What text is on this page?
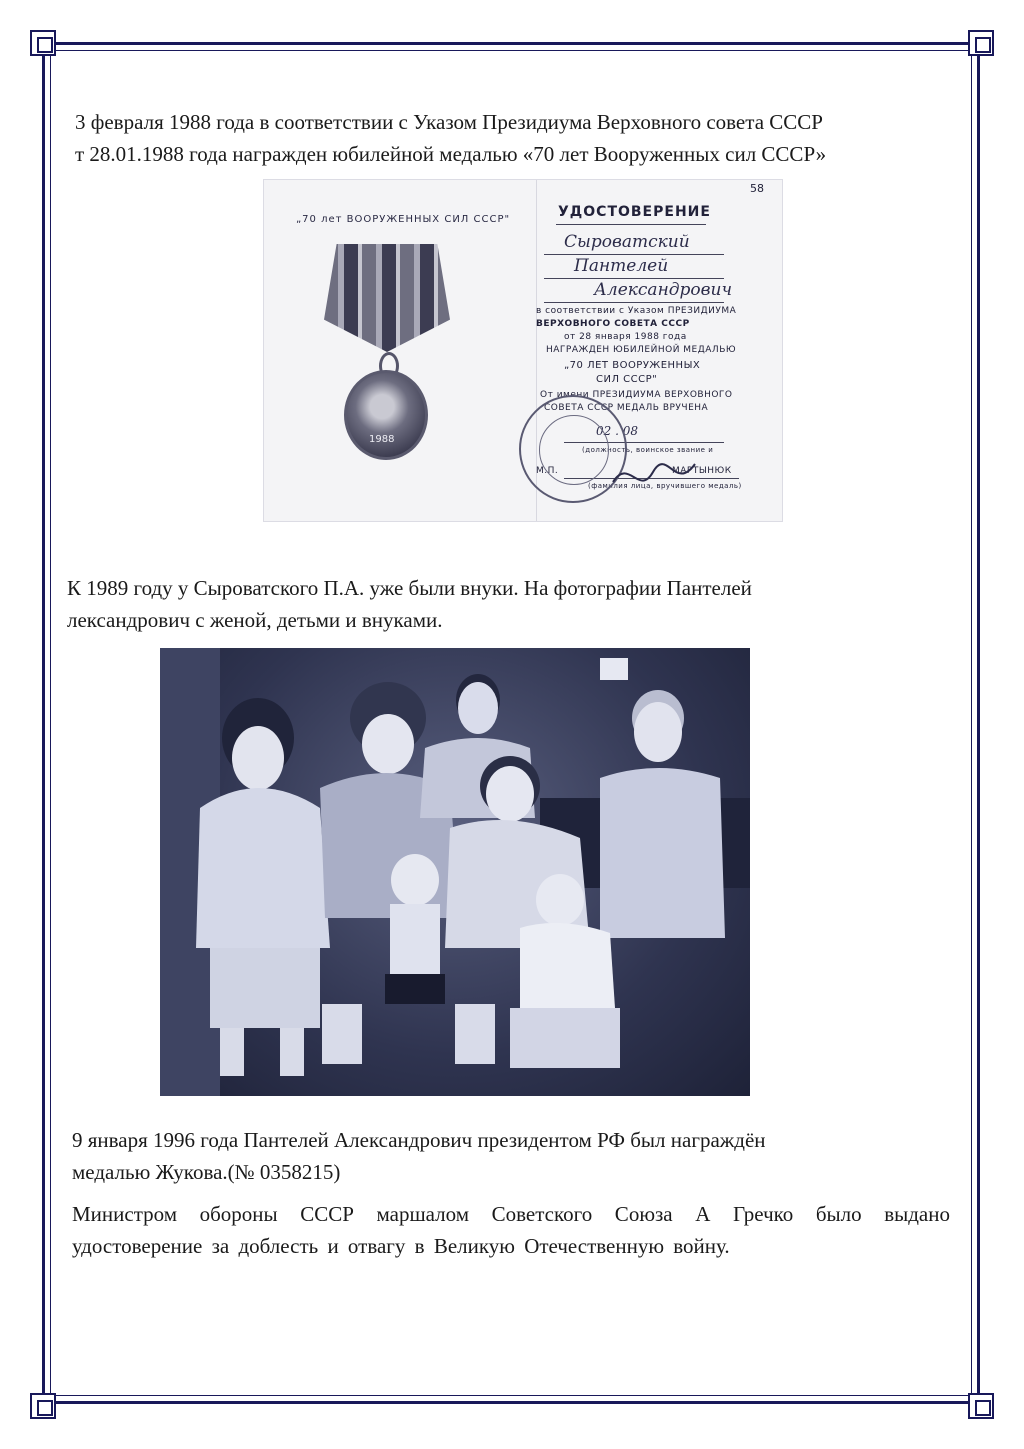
3 февраля 1988 года в соответствии с Указом Президиума Верховного совета СССР
т 28.01.1988 года награжден юбилейной медалью «70 лет Вооруженных сил СССР»
„70 лет ВООРУЖЕННЫХ СИЛ СССР"
1988
58
УДОСТОВЕРЕНИЕ
Сыроватский
Пантелей
Александрович
в соответствии с Указом ПРЕЗИДИУМА
ВЕРХОВНОГО СОВЕТА СССР
от 28 января 1988 года
НАГРАЖДЕН ЮБИЛЕЙНОЙ МЕДАЛЬЮ
„70 ЛЕТ ВООРУЖЕННЫХ
СИЛ СССР"
От имени ПРЕЗИДИУМА ВЕРХОВНОГО
СОВЕТА СССР МЕДАЛЬ ВРУЧЕНА
02 . 08
(должность, воинское звание и
М.П.	МАРТЫНЮК
(фамилия лица, вручившего медаль)
К 1989 году у Сыроватского П.А. уже были внуки. На фотографии Пантелей
лександрович с женой, детьми и внуками.
9 января 1996 года Пантелей Александрович президентом РФ был награждён
медалью Жукова.(№ 0358215)

Министром обороны СССР маршалом Советского Союза А Гречко было выдано удостоверение за доблесть и отвагу в Великую Отечественную войну.
